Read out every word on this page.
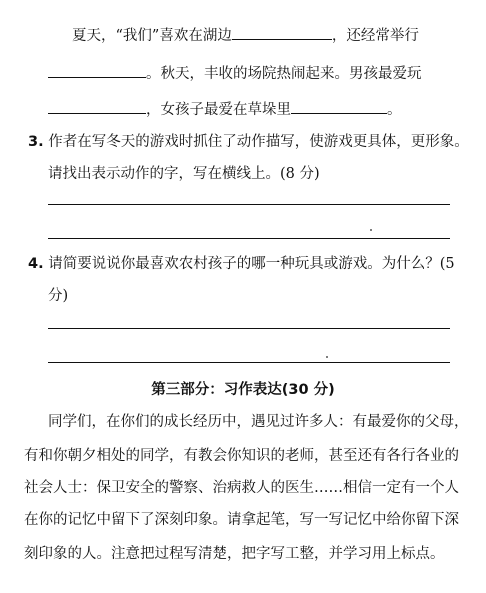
夏天，“我们”喜欢在湖边	，还经常举行
。秋天，丰收的场院热闹起来。男孩最爱玩
，女孩子最爱在草垛里	。
3. 作者在写冬天的游戏时抓住了动作描写，使游戏更具体，更形象。
请找出表示动作的字，写在横线上。(8 分)
4. 请简要说说你最喜欢农村孩子的哪一种玩具或游戏。为什么？(5
分)
第三部分：习作表达(30 分)
同学们，在你们的成长经历中，遇见过许多人：有最爱你的父母，
有和你朝夕相处的同学，有教会你知识的老师，甚至还有各行各业的
社会人士：保卫安全的警察、治病救人的医生……相信一定有一个人
在你的记忆中留下了深刻印象。请拿起笔，写一写记忆中给你留下深
刻印象的人。注意把过程写清楚，把字写工整，并学习用上标点。
